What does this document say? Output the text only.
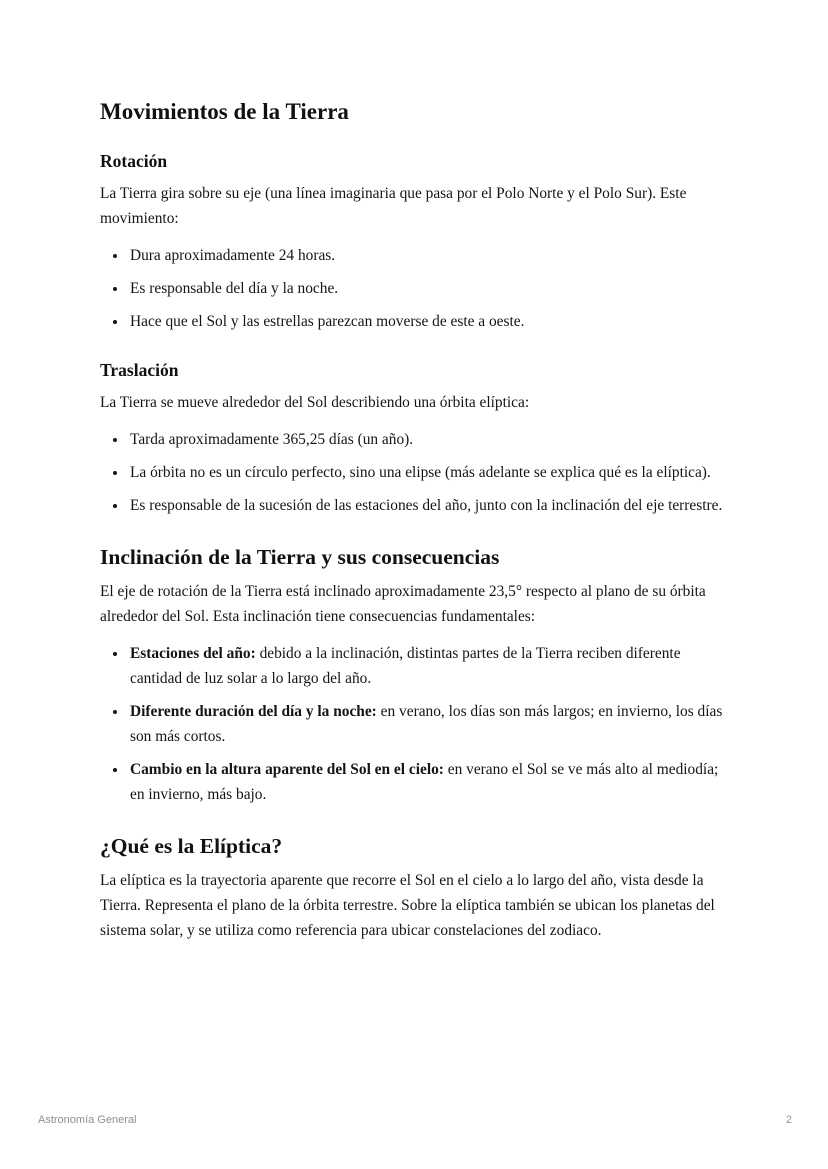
Movimientos de la Tierra
Rotación

La Tierra gira sobre su eje (una línea imaginaria que pasa por el Polo Norte y el Polo Sur). Este movimiento:

• Dura aproximadamente 24 horas.
• Es responsable del día y la noche.
• Hace que el Sol y las estrellas parezcan moverse de este a oeste.
Traslación

La Tierra se mueve alrededor del Sol describiendo una órbita elíptica:

• Tarda aproximadamente 365,25 días (un año).
• La órbita no es un círculo perfecto, sino una elipse (más adelante se explica qué es la elíptica).
• Es responsable de la sucesión de las estaciones del año, junto con la inclinación del eje terrestre.
Inclinación de la Tierra y sus consecuencias

El eje de rotación de la Tierra está inclinado aproximadamente 23,5° respecto al plano de su órbita alrededor del Sol. Esta inclinación tiene consecuencias fundamentales:

• Estaciones del año: debido a la inclinación, distintas partes de la Tierra reciben diferente cantidad de luz solar a lo largo del año.
• Diferente duración del día y la noche: en verano, los días son más largos; en invierno, los días son más cortos.
• Cambio en la altura aparente del Sol en el cielo: en verano el Sol se ve más alto al mediodía; en invierno, más bajo.
¿Qué es la Elíptica?

La elíptica es la trayectoria aparente que recorre el Sol en el cielo a lo largo del año, vista desde la Tierra. Representa el plano de la órbita terrestre. Sobre la elíptica también se ubican los planetas del sistema solar, y se utiliza como referencia para ubicar constelaciones del zodiaco.

Astronomía General	2
